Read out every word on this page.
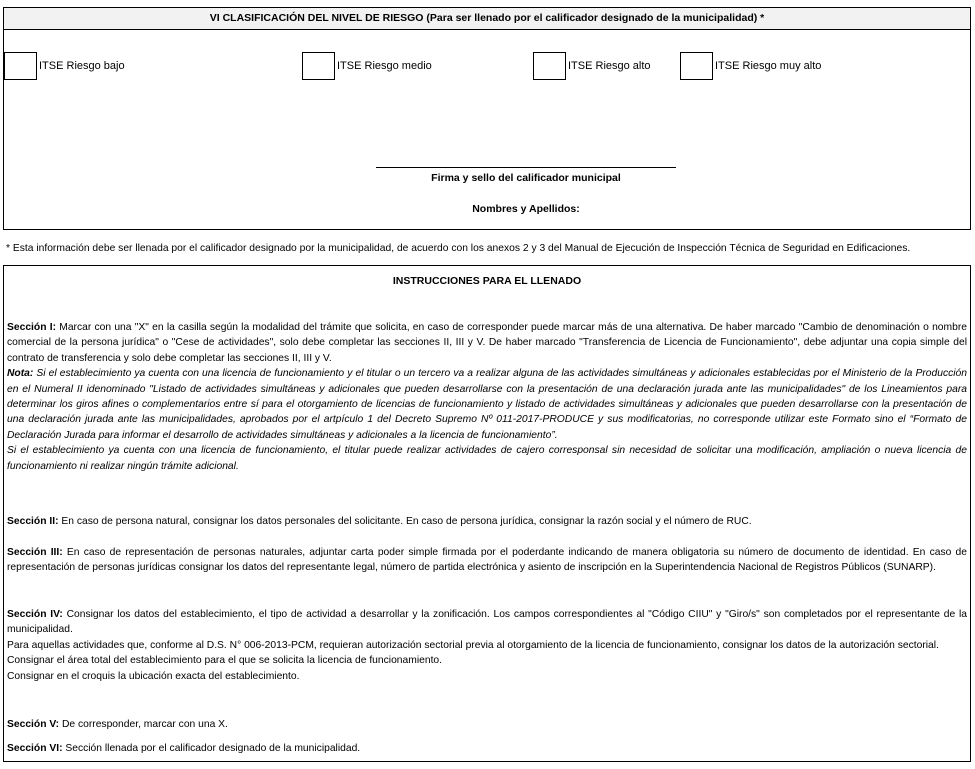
VI CLASIFICACIÓN DEL NIVEL DE RIESGO (Para ser llenado por el calificador designado de la municipalidad) *
ITSE Riesgo bajo	ITSE Riesgo medio	ITSE Riesgo alto	ITSE Riesgo muy alto
Firma y sello del calificador municipal
Nombres y Apellidos:
* Esta información debe ser llenada por el calificador designado por la municipalidad, de acuerdo con los anexos 2 y 3 del Manual de Ejecución de Inspección Técnica de Seguridad en Edificaciones.
INSTRUCCIONES PARA EL LLENADO
Sección I: Marcar con una "X" en la casilla según la modalidad del trámite que solicita, en caso de corresponder puede marcar más de una alternativa. De haber marcado "Cambio de denominación o nombre comercial de la persona jurídica" o "Cese de actividades", solo debe completar las secciones II, III y V. De haber marcado "Transferencia de Licencia de Funcionamiento", debe adjuntar una copia simple del contrato de transferencia y solo debe completar las secciones II, III y V.
Nota: Si el establecimiento ya cuenta con una licencia de funcionamiento y el titular o un tercero va a realizar alguna de las actividades simultáneas y adicionales establecidas por el Ministerio de la Producción en el Numeral II idenominado "Listado de actividades simultáneas y adicionales que pueden desarrollarse con la presentación de una declaración jurada ante las municipalidades" de los Lineamientos para determinar los giros afines o complementarios entre sí para el otorgamiento de licencias de funcionamiento y listado de actividades simultáneas y adicionales que pueden desarrollarse con la presentación de una declaración jurada ante las municipalidades, aprobados por el artpículo 1 del Decreto Supremo Nº 011-2017-PRODUCE y sus modificatorias, no corresponde utilizar este Formato sino el “Formato de Declaración Jurada para informar el desarrollo de actividades simultáneas y adicionales a la licencia de funcionamiento”.
Si el establecimiento ya cuenta con una licencia de funcionamiento, el titular puede realizar actividades de cajero corresponsal sin necesidad de solicitar una modificación, ampliación o nueva licencia de funcionamiento ni realizar ningún trámite adicional.
Sección II: En caso de persona natural, consignar los datos personales del solicitante. En caso de persona jurídica, consignar la razón social y el número de RUC.
Sección III: En caso de representación de personas naturales, adjuntar carta poder simple firmada por el poderdante indicando de manera obligatoria su número de documento de identidad. En caso de representación de personas jurídicas consignar los datos del representante legal, número de partida electrónica y asiento de inscripción en la Superintendencia Nacional de Registros Públicos (SUNARP).
Sección IV: Consignar los datos del establecimiento, el tipo de actividad a desarrollar y la zonificación. Los campos correspondientes al "Código CIIU" y "Giro/s" son completados por el representante de la municipalidad.
Para aquellas actividades que, conforme al D.S. N° 006-2013-PCM, requieran autorización sectorial previa al otorgamiento de la licencia de funcionamiento, consignar los datos de la autorización sectorial.
Consignar el área total del establecimiento para el que se solicita la licencia de funcionamiento.
Consignar en el croquis la ubicación exacta del establecimiento.
Sección V: De corresponder, marcar con una X.
Sección VI: Sección llenada por el calificador designado de la municipalidad.
